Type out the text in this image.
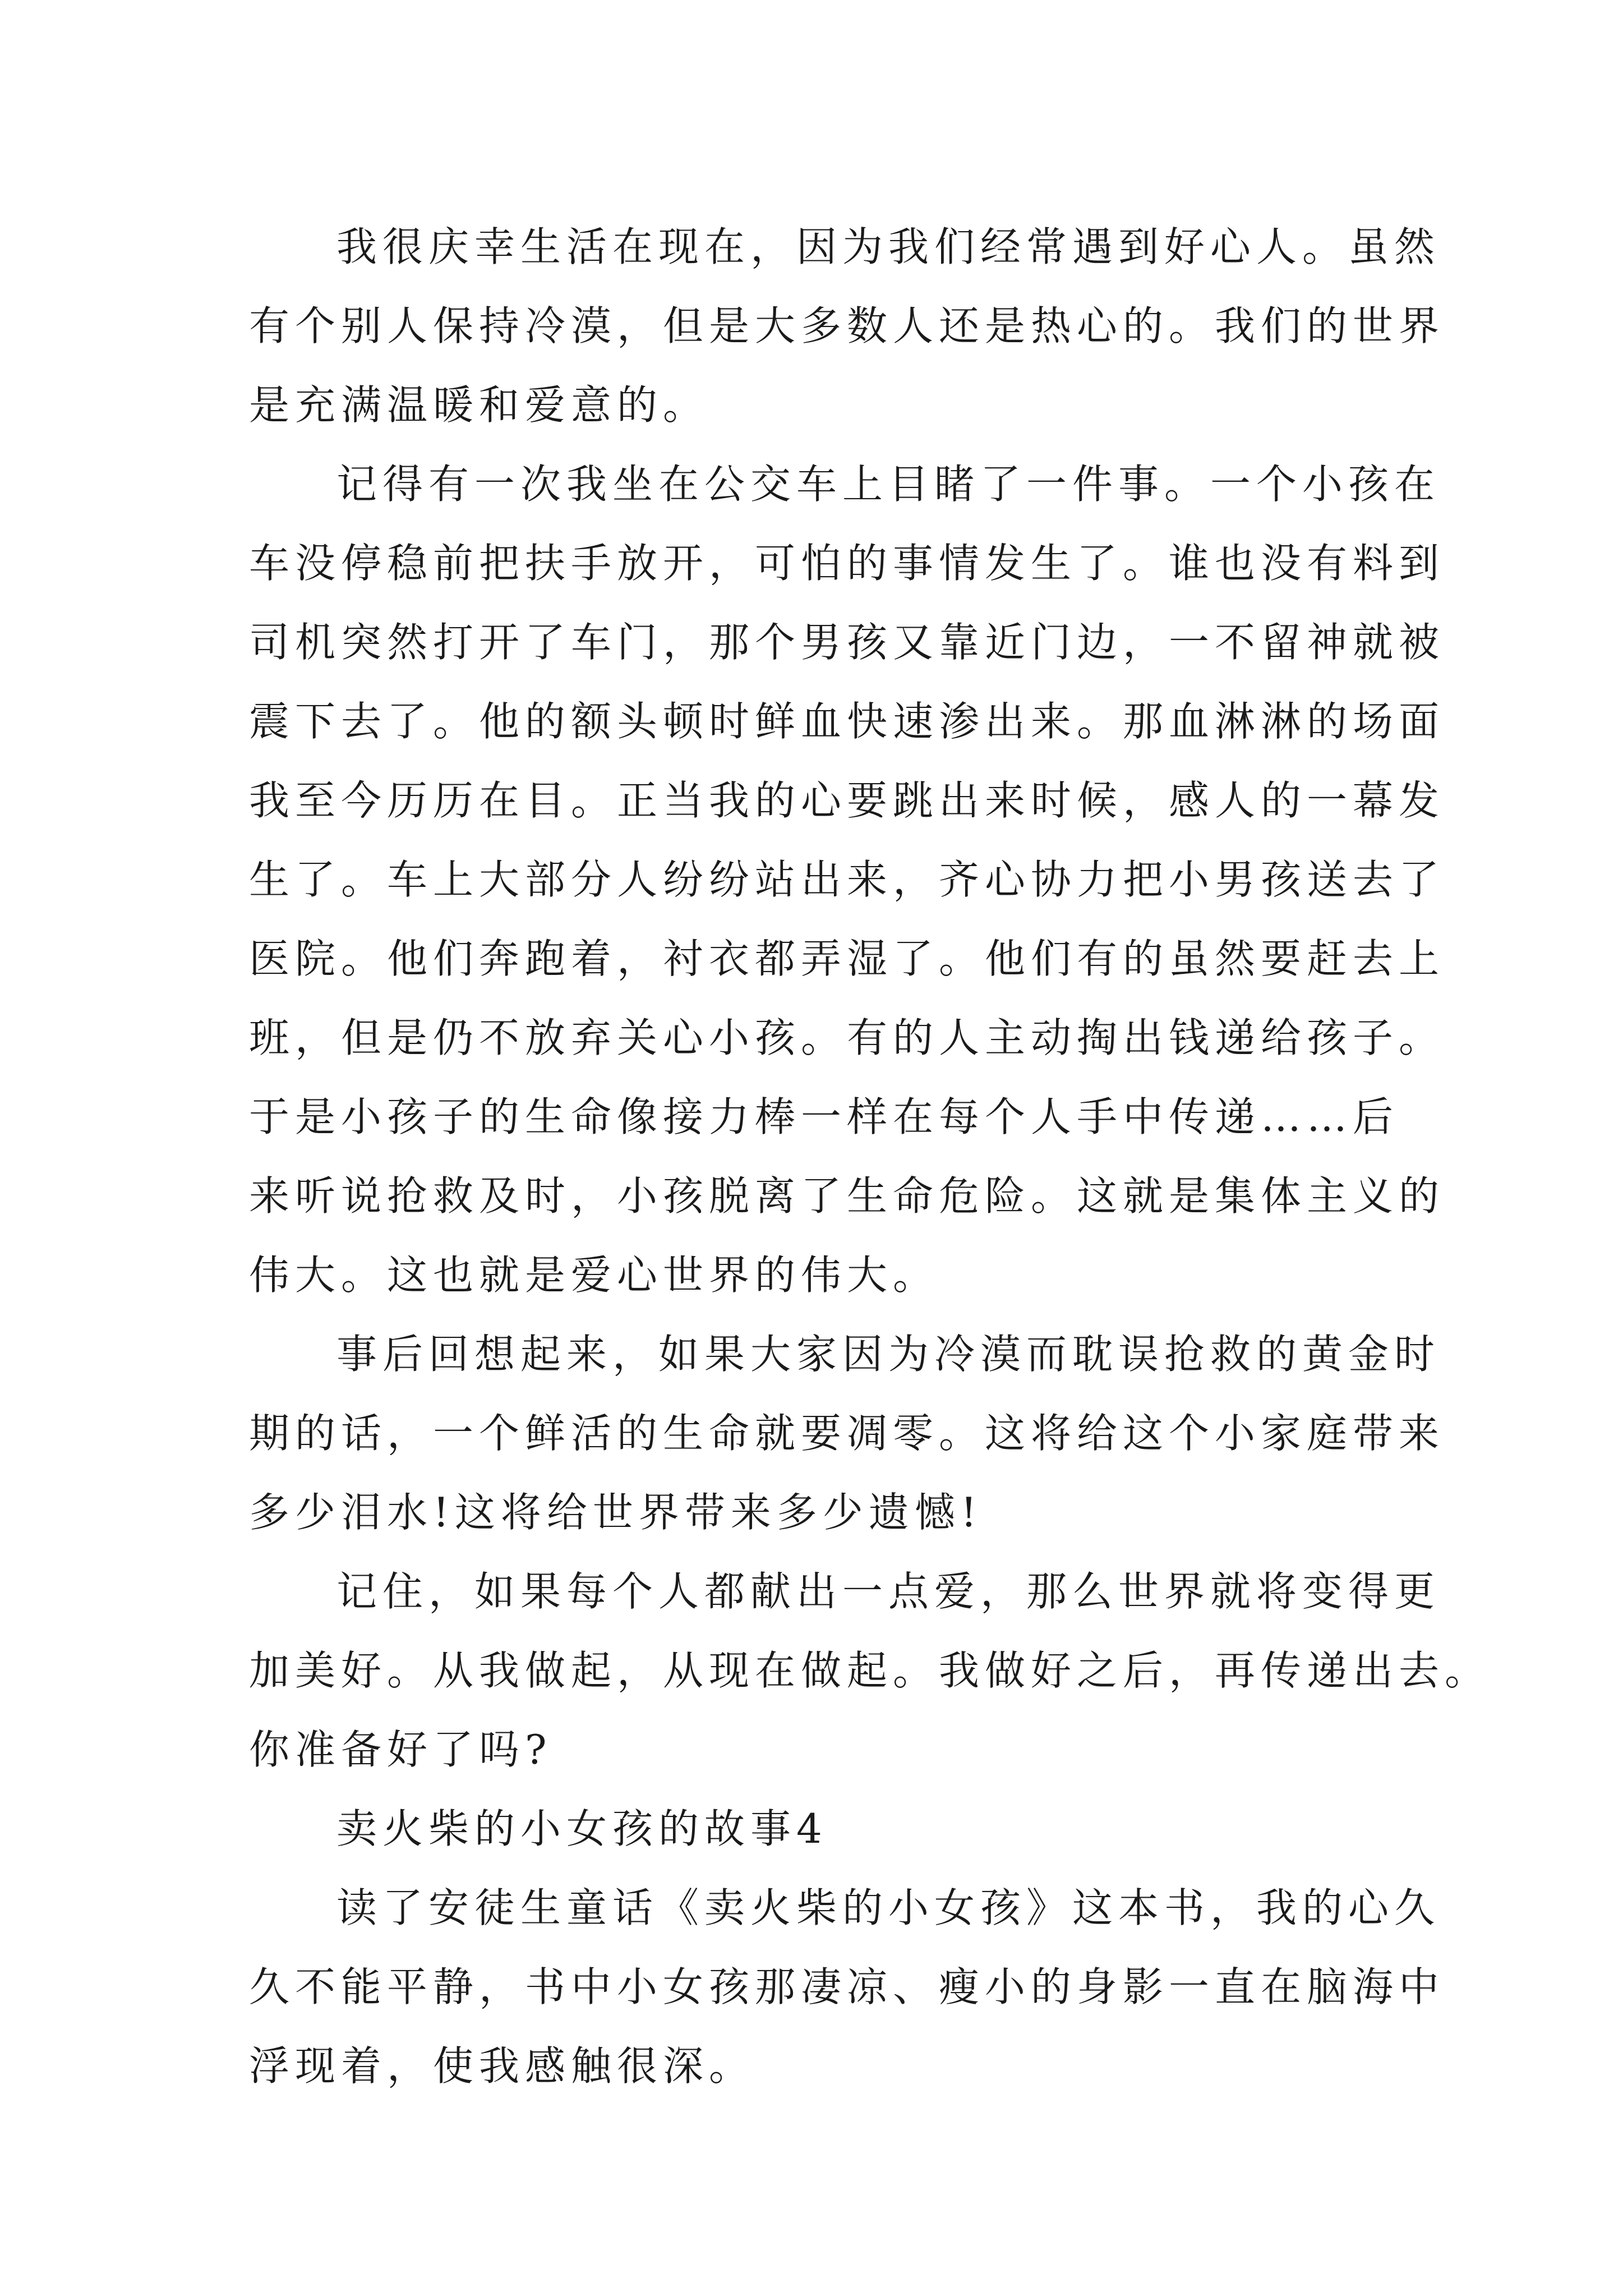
我很庆幸生活在现在，因为我们经常遇到好心人。虽然
有个别人保持冷漠，但是大多数人还是热心的。我们的世界
是充满温暖和爱意的。
记得有一次我坐在公交车上目睹了一件事。一个小孩在
车没停稳前把扶手放开，可怕的事情发生了。谁也没有料到
司机突然打开了车门，那个男孩又靠近门边，一不留神就被
震下去了。他的额头顿时鲜血快速渗出来。那血淋淋的场面
我至今历历在目。正当我的心要跳出来时候，感人的一幕发
生了。车上大部分人纷纷站出来，齐心协力把小男孩送去了
医院。他们奔跑着，衬衣都弄湿了。他们有的虽然要赶去上
班，但是仍不放弃关心小孩。有的人主动掏出钱递给孩子。
于是小孩子的生命像接力棒一样在每个人手中传递……后
来听说抢救及时，小孩脱离了生命危险。这就是集体主义的
伟大。这也就是爱心世界的伟大。
事后回想起来，如果大家因为冷漠而耽误抢救的黄金时
期的话，一个鲜活的生命就要凋零。这将给这个小家庭带来
多少泪水!这将给世界带来多少遗憾!
记住，如果每个人都献出一点爱，那么世界就将变得更
加美好。从我做起，从现在做起。我做好之后，再传递出去。
你准备好了吗?
卖火柴的小女孩的故事4
读了安徒生童话《卖火柴的小女孩》这本书，我的心久
久不能平静，书中小女孩那凄凉、瘦小的身影一直在脑海中
浮现着，使我感触很深。
